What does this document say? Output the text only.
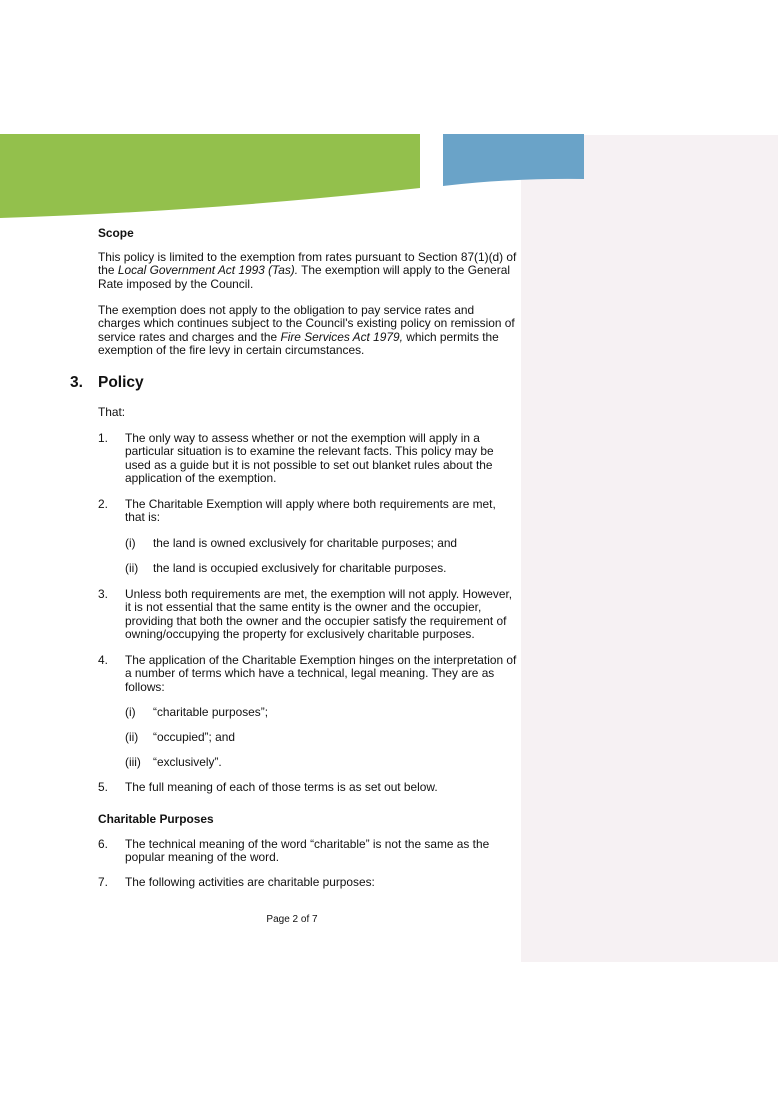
Scope

This policy is limited to the exemption from rates pursuant to Section 87(1)(d) of the Local Government Act 1993 (Tas). The exemption will apply to the General Rate imposed by the Council.

The exemption does not apply to the obligation to pay service rates and charges which continues subject to the Council's existing policy on remission of service rates and charges and the Fire Services Act 1979, which permits the exemption of the fire levy in certain circumstances.

3. Policy

That:

1. The only way to assess whether or not the exemption will apply in a particular situation is to examine the relevant facts. This policy may be used as a guide but it is not possible to set out blanket rules about the application of the exemption.
2. The Charitable Exemption will apply where both requirements are met, that is:
(i) the land is owned exclusively for charitable purposes; and
(ii) the land is occupied exclusively for charitable purposes.
3. Unless both requirements are met, the exemption will not apply. However, it is not essential that the same entity is the owner and the occupier, providing that both the owner and the occupier satisfy the requirement of owning/occupying the property for exclusively charitable purposes.
4. The application of the Charitable Exemption hinges on the interpretation of a number of terms which have a technical, legal meaning. They are as follows:
(i) “charitable purposes”;
(ii) “occupied”; and
(iii) “exclusively”.
5. The full meaning of each of those terms is as set out below.
Charitable Purposes
6. The technical meaning of the word “charitable” is not the same as the popular meaning of the word.
7. The following activities are charitable purposes:
Page 2 of 7
